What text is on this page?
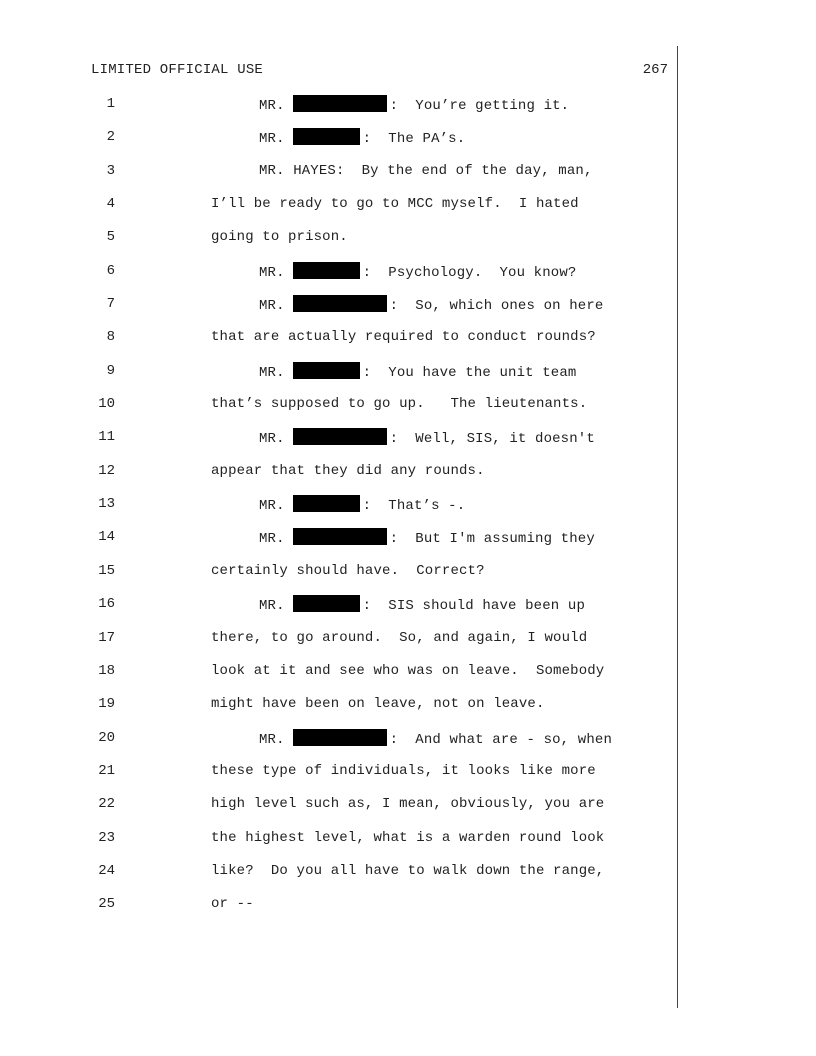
LIMITED OFFICIAL USE	267
1	MR.	:  You’re getting it.
2	MR.	:  The PA’s.
3	MR. HAYES:  By the end of the day, man,
4	I’ll be ready to go to MCC myself.  I hated
5	going to prison.
6	MR.	:  Psychology.  You know?
7	MR.	:  So, which ones on here
8	that are actually required to conduct rounds?
9	MR.	:  You have the unit team
10	that’s supposed to go up.   The lieutenants.
11	MR.	:  Well, SIS, it doesn't
12	appear that they did any rounds.
13	MR.	:  That’s -.
14	MR.	:  But I'm assuming they
15	certainly should have.  Correct?
16	MR.	:  SIS should have been up
17	there, to go around.  So, and again, I would
18	look at it and see who was on leave.  Somebody
19	might have been on leave, not on leave.
20	MR.	:  And what are - so, when
21	these type of individuals, it looks like more
22	high level such as, I mean, obviously, you are
23	the highest level, what is a warden round look
24	like?  Do you all have to walk down the range,
25	or --
